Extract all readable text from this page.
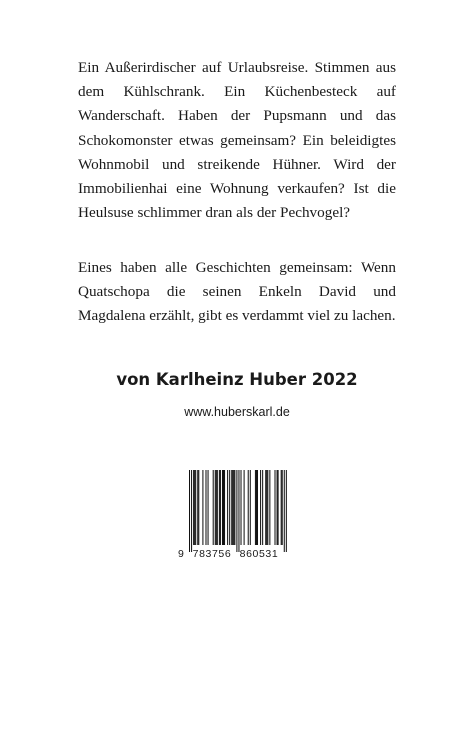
Ein Außerirdischer auf Urlaubsreise. Stimmen aus dem Kühlschrank. Ein Küchenbesteck auf Wanderschaft. Haben der Pupsmann und das Schokomonster etwas gemeinsam? Ein beleidigtes Wohnmobil und streikende Hühner. Wird der Immobilienhai eine Wohnung verkaufen? Ist die Heulsuse schlimmer dran als der Pechvogel?

Eines haben alle Geschichten gemeinsam: Wenn Quatschopa die seinen Enkeln David und Magdalena erzählt, gibt es verdammt viel zu lachen.

von Karlheinz Huber 2022

www.huberskarl.de

9 783756 860531
